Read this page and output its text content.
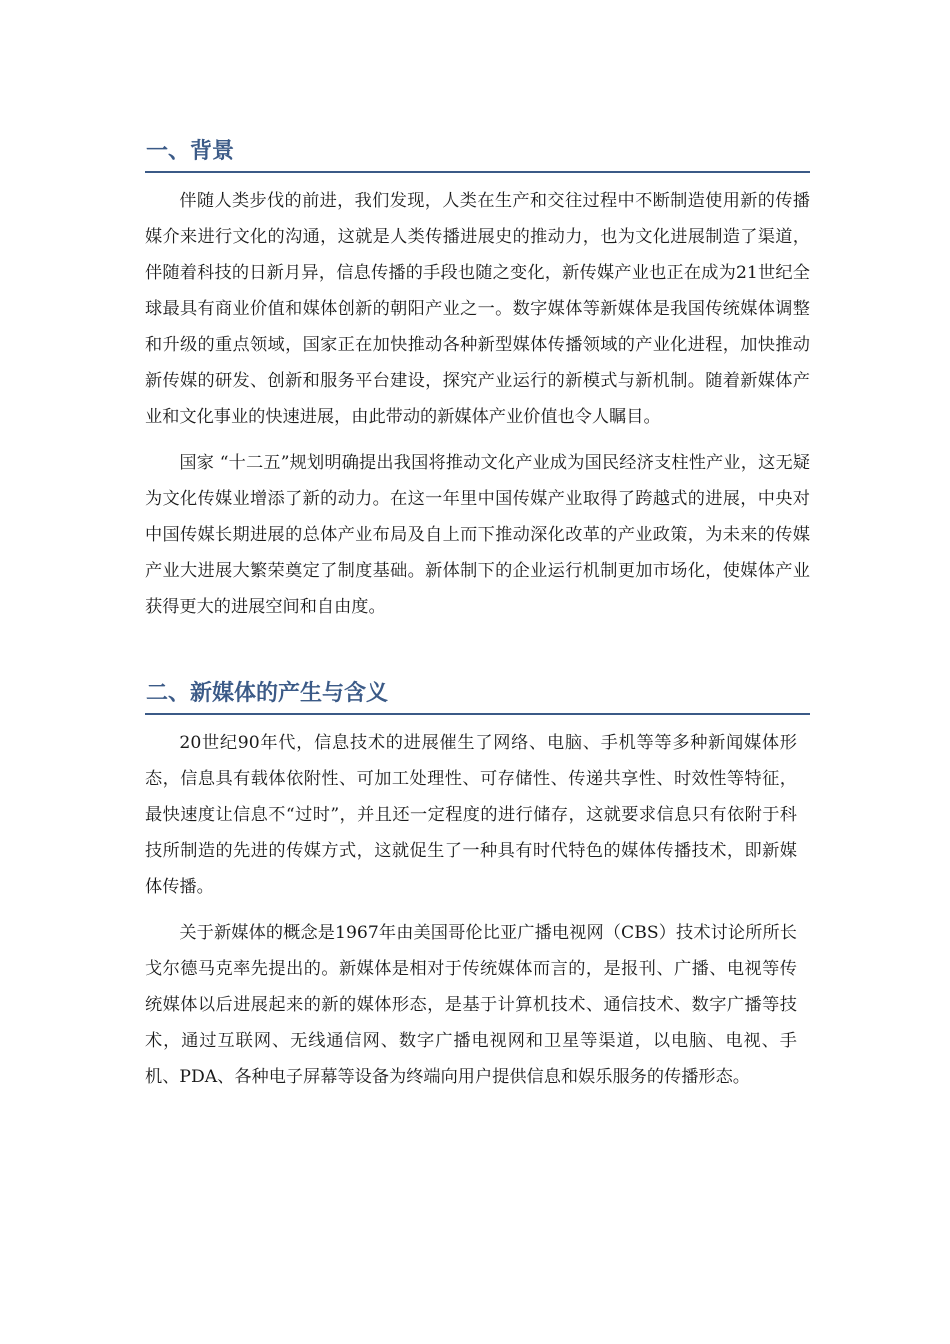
一、背景

伴随人类步伐的前进，我们发现，人类在生产和交往过程中不断制造使用新的传播媒介来进行文化的沟通，这就是人类传播进展史的推动力，也为文化进展制造了渠道，伴随着科技的日新月异，信息传播的手段也随之变化，新传媒产业也正在成为21世纪全球最具有商业价值和媒体创新的朝阳产业之一。数字媒体等新媒体是我国传统媒体调整和升级的重点领域，国家正在加快推动各种新型媒体传播领域的产业化进程，加快推动新传媒的研发、创新和服务平台建设，探究产业运行的新模式与新机制。随着新媒体产业和文化事业的快速进展，由此带动的新媒体产业价值也令人瞩目。

国家 “十二五”规划明确提出我国将推动文化产业成为国民经济支柱性产业，这无疑为文化传媒业增添了新的动力。在这一年里中国传媒产业取得了跨越式的进展，中央对中国传媒长期进展的总体产业布局及自上而下推动深化改革的产业政策，为未来的传媒产业大进展大繁荣奠定了制度基础。新体制下的企业运行机制更加市场化，使媒体产业获得更大的进展空间和自由度。

二、新媒体的产生与含义

20世纪90年代，信息技术的进展催生了网络、电脑、手机等等多种新闻媒体形态，信息具有载体依附性、可加工处理性、可存储性、传递共享性、时效性等特征，最快速度让信息不“过时”，并且还一定程度的进行储存，这就要求信息只有依附于科技所制造的先进的传媒方式，这就促生了一种具有时代特色的媒体传播技术，即新媒体传播。

关于新媒体的概念是1967年由美国哥伦比亚广播电视网（CBS）技术讨论所所长戈尔德马克率先提出的。新媒体是相对于传统媒体而言的，是报刊、广播、电视等传统媒体以后进展起来的新的媒体形态，是基于计算机技术、通信技术、数字广播等技术，通过互联网、无线通信网、数字广播电视网和卫星等渠道，以电脑、电视、手机、PDA、各种电子屏幕等设备为终端向用户提供信息和娱乐服务的传播形态。
